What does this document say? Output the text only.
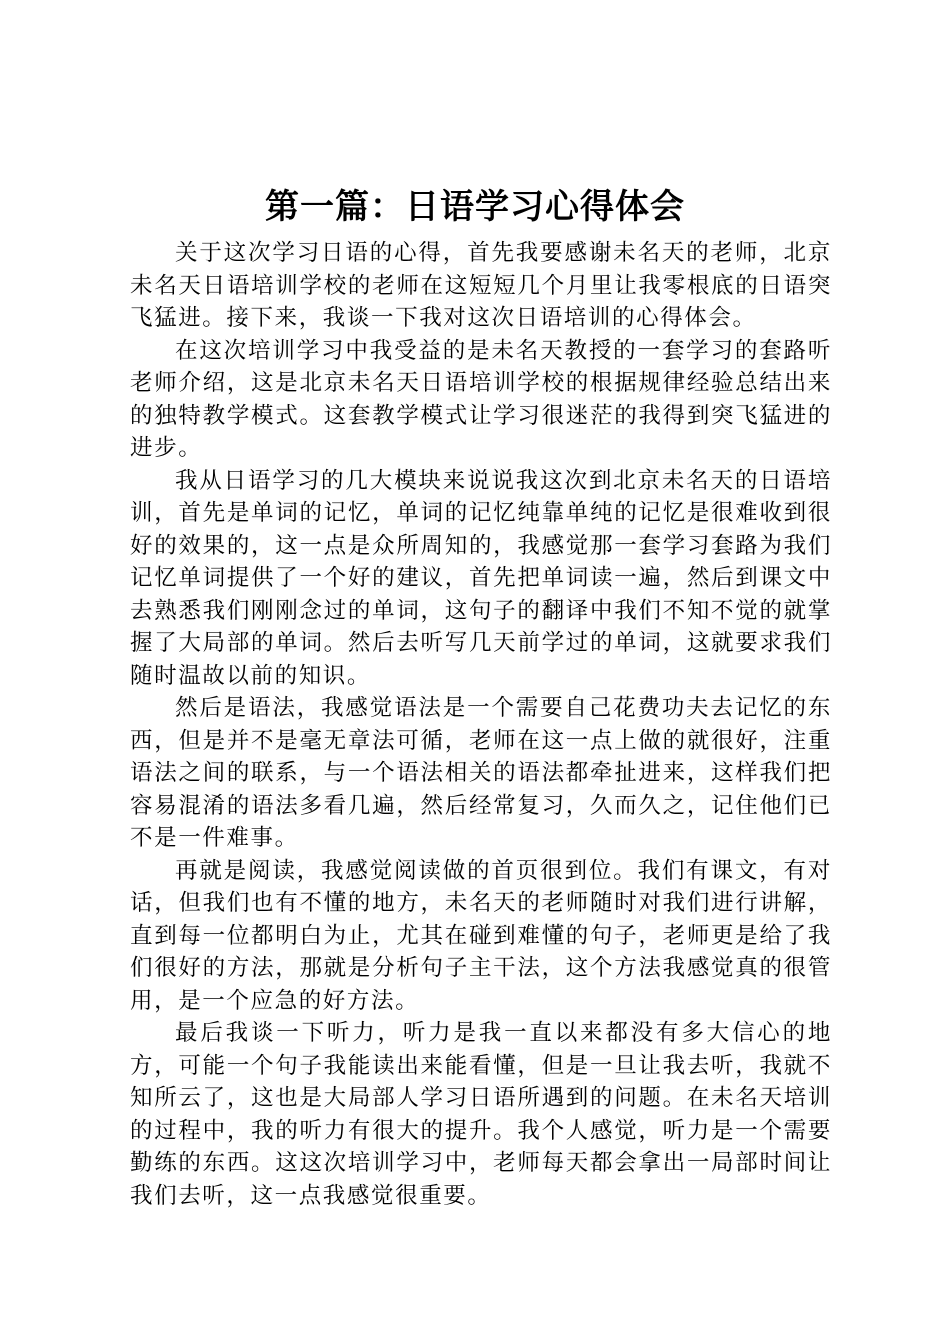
第一篇：日语学习心得体会

关于这次学习日语的心得，首先我要感谢未名天的老师，北京未名天日语培训学校的老师在这短短几个月里让我零根底的日语突飞猛进。接下来，我谈一下我对这次日语培训的心得体会。

在这次培训学习中我受益的是未名天教授的一套学习的套路听老师介绍，这是北京未名天日语培训学校的根据规律经验总结出来的独特教学模式。这套教学模式让学习很迷茫的我得到突飞猛进的进步。

我从日语学习的几大模块来说说我这次到北京未名天的日语培训，首先是单词的记忆，单词的记忆纯靠单纯的记忆是很难收到很好的效果的，这一点是众所周知的，我感觉那一套学习套路为我们记忆单词提供了一个好的建议，首先把单词读一遍，然后到课文中去熟悉我们刚刚念过的单词，这句子的翻译中我们不知不觉的就掌握了大局部的单词。然后去听写几天前学过的单词，这就要求我们随时温故以前的知识。

然后是语法，我感觉语法是一个需要自己花费功夫去记忆的东西，但是并不是毫无章法可循，老师在这一点上做的就很好，注重语法之间的联系，与一个语法相关的语法都牵扯进来，这样我们把容易混淆的语法多看几遍，然后经常复习，久而久之，记住他们已不是一件难事。

再就是阅读，我感觉阅读做的首页很到位。我们有课文，有对话，但我们也有不懂的地方，未名天的老师随时对我们进行讲解，直到每一位都明白为止，尤其在碰到难懂的句子，老师更是给了我们很好的方法，那就是分析句子主干法，这个方法我感觉真的很管用，是一个应急的好方法。

最后我谈一下听力，听力是我一直以来都没有多大信心的地方，可能一个句子我能读出来能看懂，但是一旦让我去听，我就不知所云了，这也是大局部人学习日语所遇到的问题。在未名天培训的过程中，我的听力有很大的提升。我个人感觉，听力是一个需要勤练的东西。这这次培训学习中，老师每天都会拿出一局部时间让我们去听，这一点我感觉很重要。
